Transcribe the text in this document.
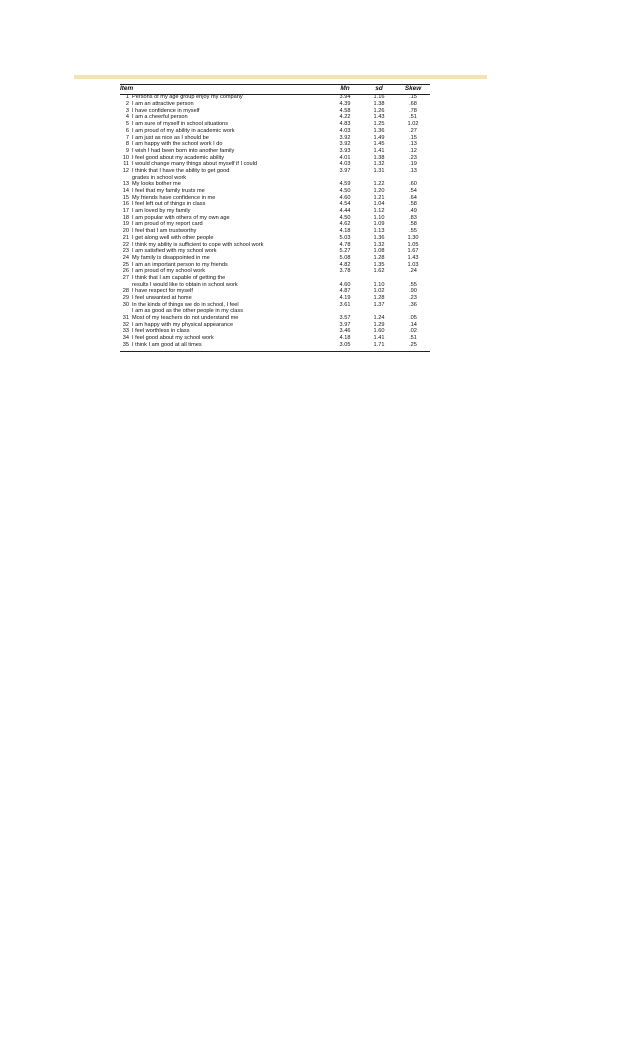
Item		Mn	sd	Skew
1	Persons of my age group enjoy my company	3.94	1.16	.15
2	I am an attractive person	4.39	1.38	.68
3	I have confidence in myself	4.58	1.26	.78
4	I am a cheerful person	4.22	1.43	.51
5	I am sure of myself in school situations	4.83	1.25	1.02
6	I am proud of my ability in academic work	4.03	1.36	.27
7	I am just as nice as I should be	3.92	1.49	.15
8	I am happy with the school work I do	3.92	1.45	.13
9	I wish I had been born into another family	3.93	1.41	.12
10	I feel good about my academic ability	4.01	1.38	.23
11	I would change many things about myself if I could	4.03	1.32	.19
12	I think that I have the ability to get good	3.97	1.31	.13
	grades in school work			
13	My looks bother me	4.59	1.22	.60
14	I feel that my family trusts me	4.50	1.20	.54
15	My friends have confidence in me	4.60	1.21	.64
16	I feel left out of things in class	4.54	1.04	.58
17	I am loved by my family	4.44	1.12	.49
18	I am popular with others of my own age	4.50	1.10	.83
19	I am proud of my report card	4.62	1.09	.58
20	I feel that I am trustworthy	4.18	1.13	.55
21	I get along well with other people	5.03	1.36	1.30
22	I think my ability is sufficient to cope with school work	4.78	1.32	1.05
23	I am satisfied with my school work	5.27	1.08	1.67
24	My family is disappointed in me	5.08	1.28	1.43
25	I am an important person to my friends	4.82	1.35	1.03
26	I am proud of my school work	3.78	1.62	.24
27	I think that I am capable of getting the			
	results I would like to obtain in school work	4.60	1.10	.55
28	I have respect for myself	4.87	1.02	.90
29	I feel unwanted at home	4.19	1.28	.23
30	In the kinds of things we do in school, I feel	3.61	1.37	.36
	I am as good as the other people in my class			
31	Most of my teachers do not understand me	3.57	1.24	.05
32	I am happy with my physical appearance	3.97	1.29	.14
33	I feel worthless in class	3.46	1.60	.02
34	I feel good about my school work	4.18	1.41	.51
35	I think I am good at all times	3.05	1.71	.25
